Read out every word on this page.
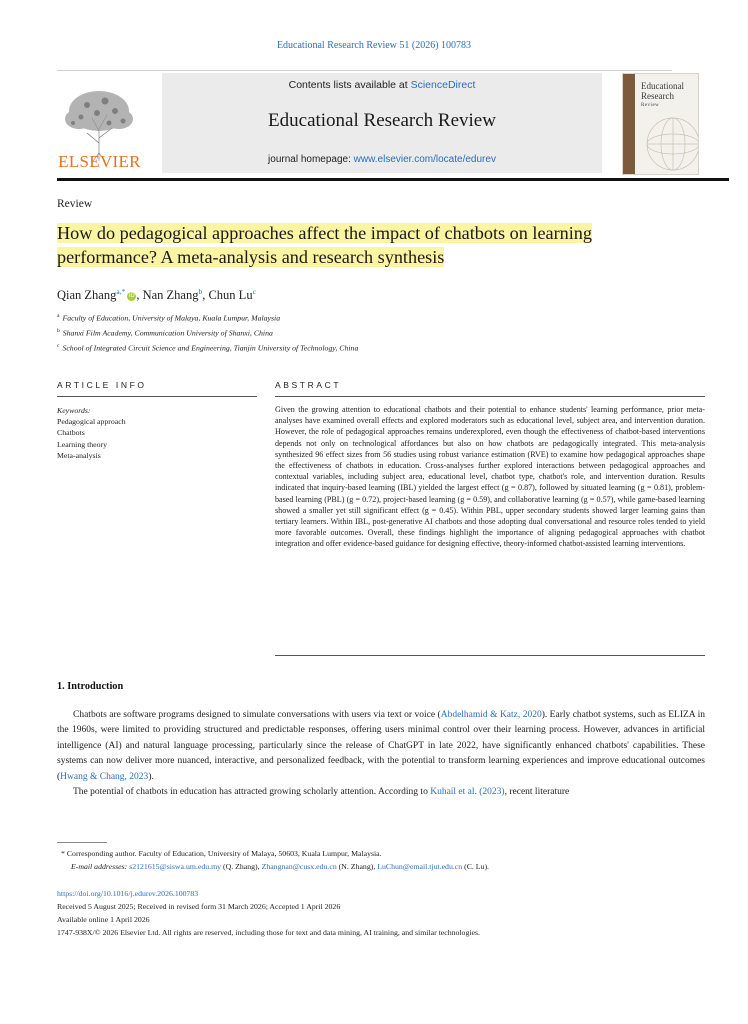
Educational Research Review 51 (2026) 100783
ELSEVIER
Contents lists available at ScienceDirect
Educational Research Review
journal homepage: www.elsevier.com/locate/edurev
Educational
Research
Review
Review
How do pedagogical approaches affect the impact of chatbots on learning performance? A meta-analysis and research synthesis
Qian Zhang$^{a,*}$iD , Nan Zhang$^b$, Chun Lu$^c$
$^a$ Faculty of Education, University of Malaya, Kuala Lumpur, Malaysia
$^b$ Shanxi Film Academy, Communication University of Shanxi, China
$^c$ School of Integrated Circuit Science and Engineering, Tianjin University of Technology, China
ARTICLE INFO	ABSTRACT
Keywords:
Pedagogical approach
Chatbots
Learning theory
Meta-analysis
Given the growing attention to educational chatbots and their potential to enhance students' learning performance, prior meta-analyses have examined overall effects and explored moderators such as educational level, subject area, and intervention duration. However, the role of pedagogical approaches remains underexplored, even though the effectiveness of chatbot-based interventions depends not only on technological affordances but also on how chatbots are pedagogically integrated. This meta-analysis synthesized 96 effect sizes from 56 studies using robust variance estimation (RVE) to examine how pedagogical approaches shape the effectiveness of chatbots in education. Cross-analyses further explored interactions between pedagogical approaches and contextual variables, including subject area, educational level, chatbot type, chatbot's role, and intervention duration. Results indicated that inquiry-based learning (IBL) yielded the largest effect (g = 0.87), followed by situated learning (g = 0.81), problem-based learning (PBL) (g = 0.72), project-based learning (g = 0.59), and collaborative learning (g = 0.57), while game-based learning showed a smaller yet still significant effect (g = 0.45). Within PBL, upper secondary students showed larger learning gains than tertiary learners. Within IBL, post-generative AI chatbots and those adopting dual conversational and resource roles tended to yield more favorable outcomes. Overall, these findings highlight the importance of aligning pedagogical approaches with chatbot integration and offer evidence-based guidance for designing effective, theory-informed chatbot-assisted learning interventions.
1. Introduction

Chatbots are software programs designed to simulate conversations with users via text or voice (Abdelhamid & Katz, 2020). Early chatbot systems, such as ELIZA in the 1960s, were limited to providing structured and predictable responses, offering users minimal control over their learning process. However, advances in artificial intelligence (AI) and natural language processing, particularly since the release of ChatGPT in late 2022, have significantly enhanced chatbots' capabilities. These systems can now deliver more nuanced, interactive, and personalized feedback, with the potential to transform learning experiences and improve educational outcomes (Hwang & Chang, 2023).

The potential of chatbots in education has attracted growing scholarly attention. According to Kuhail et al. (2023), recent literature

* Corresponding author. Faculty of Education, University of Malaya, 50603, Kuala Lumpur, Malaysia.
E-mail addresses: s2121615@siswa.um.edu.my (Q. Zhang), Zhangnan@cusx.edu.cn (N. Zhang), LuChun@email.tjut.edu.cn (C. Lu).
https://doi.org/10.1016/j.edurev.2026.100783
Received 5 August 2025; Received in revised form 31 March 2026; Accepted 1 April 2026
Available online 1 April 2026
1747-938X/© 2026 Elsevier Ltd. All rights are reserved, including those for text and data mining, AI training, and similar technologies.
